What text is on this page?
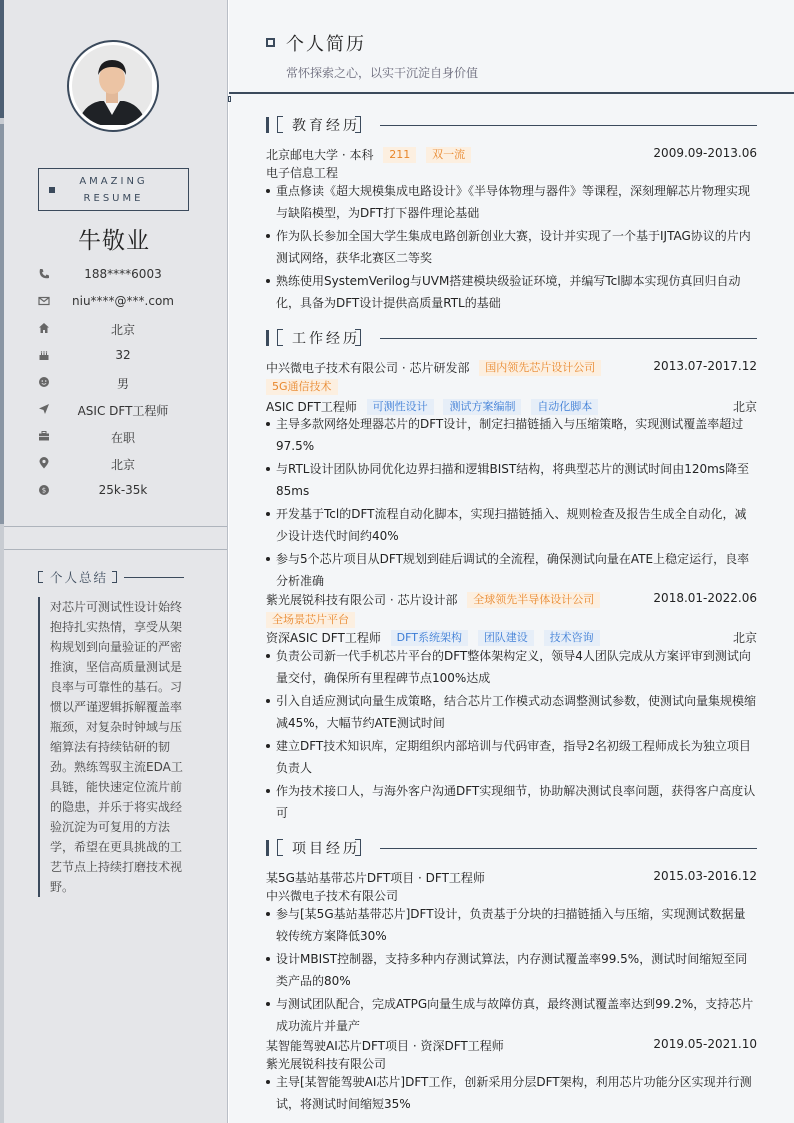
AMAZING
RESUME
牛敬业
188****6003
niu****@***.com
北京
32
男
ASIC DFT工程师
在职
北京
$	25k-35k
个人总结
对芯片可测试性设计始终抱持扎实热情，享受从架构规划到向量验证的严密推演，坚信高质量测试是良率与可靠性的基石。习惯以严谨逻辑拆解覆盖率瓶颈，对复杂时钟域与压缩算法有持续钻研的韧劲。熟练驾驭主流EDA工具链，能快速定位流片前的隐患，并乐于将实战经验沉淀为可复用的方法学，希望在更具挑战的工艺节点上持续打磨技术视野。
个人简历
常怀探索之心，以实干沉淀自身价值
教育经历
北京邮电大学 · 本科 211 双一流	2009.09-2013.06
电子信息工程
重点修读《超大规模集成电路设计》《半导体物理与器件》等课程，深刻理解芯片物理实现与缺陷模型，为DFT打下器件理论基础
作为队长参加全国大学生集成电路创新创业大赛，设计并实现了一个基于IJTAG协议的片内测试网络，获华北赛区二等奖
熟练使用SystemVerilog与UVM搭建模块级验证环境，并编写Tcl脚本实现仿真回归自动化，具备为DFT设计提供高质量RTL的基础
工作经历
中兴微电子技术有限公司 · 芯片研发部 国内领先芯片设计公司	2013.07-2017.12
5G通信技术
ASIC DFT工程师 可测性设计 测试方案编制 自动化脚本	北京
主导多款网络处理器芯片的DFT设计，制定扫描链插入与压缩策略，实现测试覆盖率超过97.5%
与RTL设计团队协同优化边界扫描和逻辑BIST结构，将典型芯片的测试时间由120ms降至85ms
开发基于Tcl的DFT流程自动化脚本，实现扫描链插入、规则检查及报告生成全自动化，减少设计迭代时间约40%
参与5个芯片项目从DFT规划到硅后调试的全流程，确保测试向量在ATE上稳定运行，良率分析准确
紫光展锐科技有限公司 · 芯片设计部 全球领先半导体设计公司	2018.01-2022.06
全场景芯片平台
资深ASIC DFT工程师 DFT系统架构 团队建设 技术咨询	北京
负责公司新一代手机芯片平台的DFT整体架构定义，领导4人团队完成从方案评审到测试向量交付，确保所有里程碑节点100%达成
引入自适应测试向量生成策略，结合芯片工作模式动态调整测试参数，使测试向量集规模缩减45%，大幅节约ATE测试时间
建立DFT技术知识库，定期组织内部培训与代码审查，指导2名初级工程师成长为独立项目负责人
作为技术接口人，与海外客户沟通DFT实现细节，协助解决测试良率问题，获得客户高度认可
项目经历
某5G基站基带芯片DFT项目 · DFT工程师	2015.03-2016.12
中兴微电子技术有限公司
参与[某5G基站基带芯片]DFT设计，负责基于分块的扫描链插入与压缩，实现测试数据量较传统方案降低30%
设计MBIST控制器，支持多种内存测试算法，内存测试覆盖率99.5%，测试时间缩短至同类产品的80%
与测试团队配合，完成ATPG向量生成与故障仿真，最终测试覆盖率达到99.2%，支持芯片成功流片并量产
某智能驾驶AI芯片DFT项目 · 资深DFT工程师	2019.05-2021.10
紫光展锐科技有限公司
主导[某智能驾驶AI芯片]DFT工作，创新采用分层DFT架构，利用芯片功能分区实现并行测试，将测试时间缩短35%
